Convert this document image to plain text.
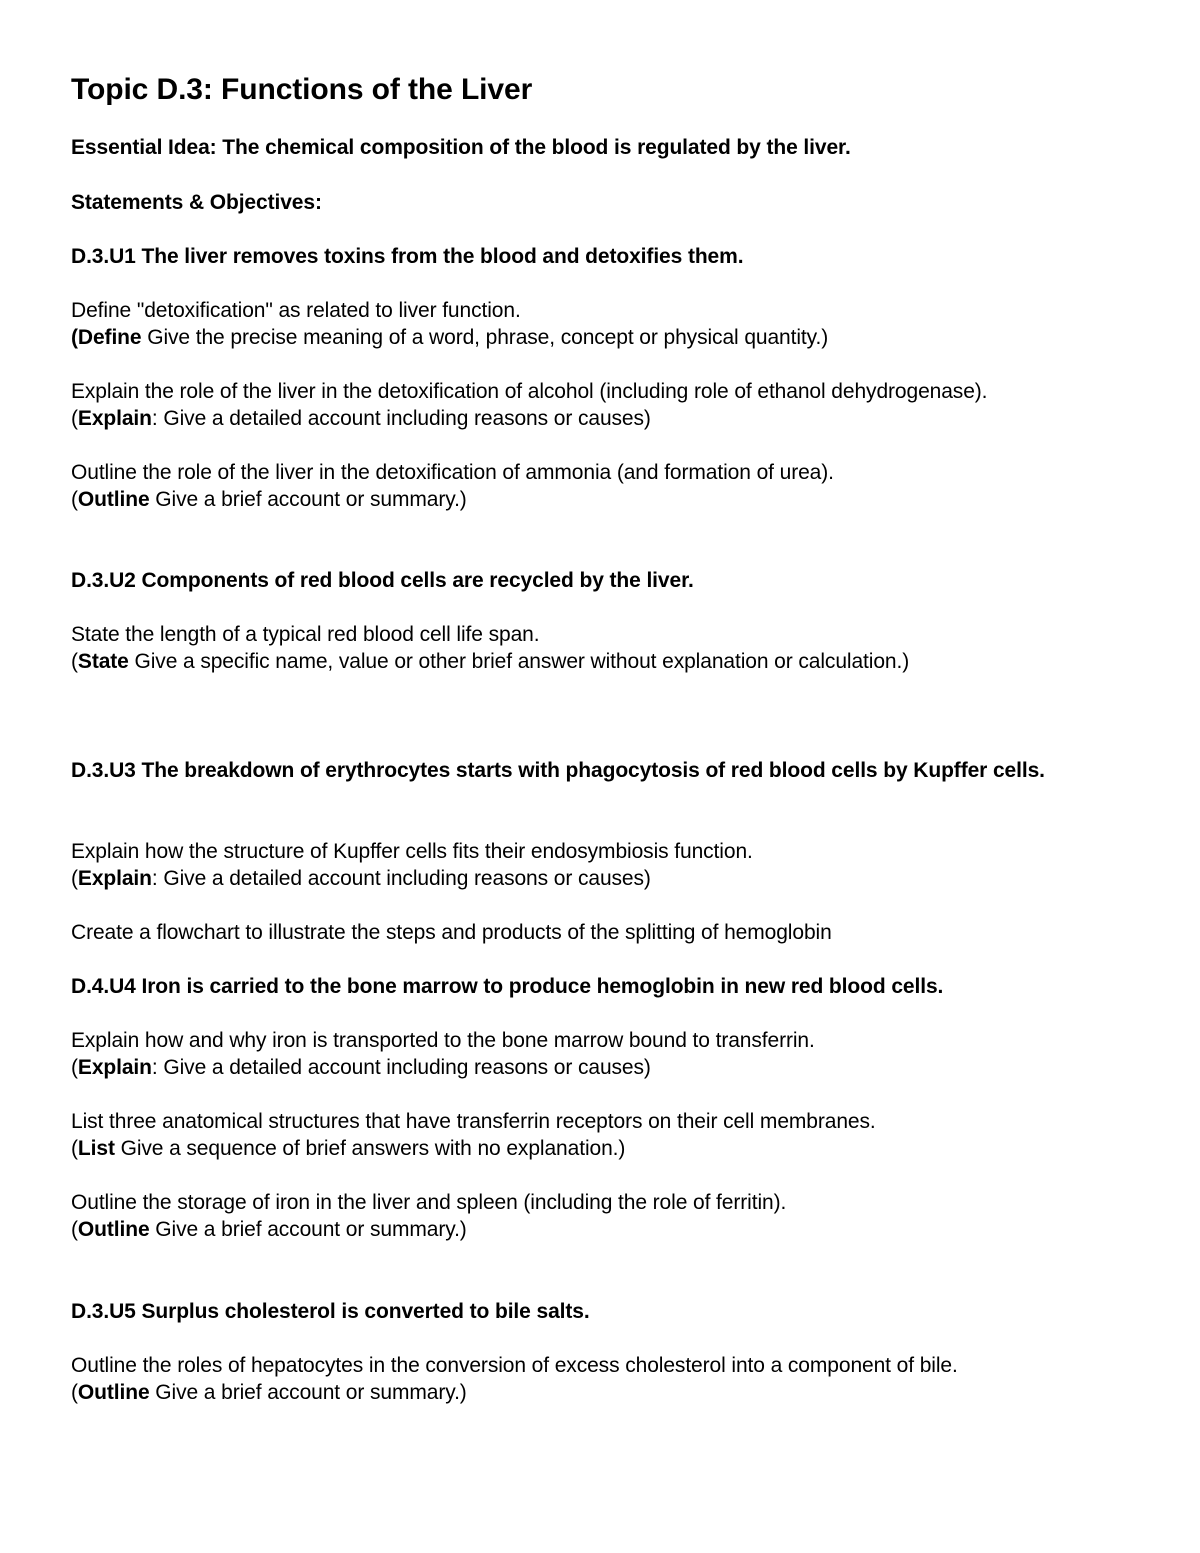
Topic D.3: Functions of the Liver
Essential Idea: The chemical composition of the blood is regulated by the liver.
Statements & Objectives:
D.3.U1 The liver removes toxins from the blood and detoxifies them.
Define "detoxification" as related to liver function.
(Define Give the precise meaning of a word, phrase, concept or physical quantity.)
Explain the role of the liver in the detoxification of alcohol (including role of ethanol dehydrogenase).
(Explain: Give a detailed account including reasons or causes)
Outline the role of the liver in the detoxification of ammonia (and formation of urea).
(Outline Give a brief account or summary.)
D.3.U2 Components of red blood cells are recycled by the liver.
State the length of a typical red blood cell life span.
(State Give a specific name, value or other brief answer without explanation or calculation.)
D.3.U3 The breakdown of erythrocytes starts with phagocytosis of red blood cells by Kupffer cells.
Explain how the structure of Kupffer cells fits their endosymbiosis function.
(Explain: Give a detailed account including reasons or causes)
Create a flowchart to illustrate the steps and products of the splitting of hemoglobin
D.4.U4 Iron is carried to the bone marrow to produce hemoglobin in new red blood cells.
Explain how and why iron is transported to the bone marrow bound to transferrin.
(Explain: Give a detailed account including reasons or causes)
List three anatomical structures that have transferrin receptors on their cell membranes.
(List Give a sequence of brief answers with no explanation.)
Outline the storage of iron in the liver and spleen (including the role of ferritin).
(Outline Give a brief account or summary.)
D.3.U5 Surplus cholesterol is converted to bile salts.
Outline the roles of hepatocytes in the conversion of excess cholesterol into a component of bile.
(Outline Give a brief account or summary.)
